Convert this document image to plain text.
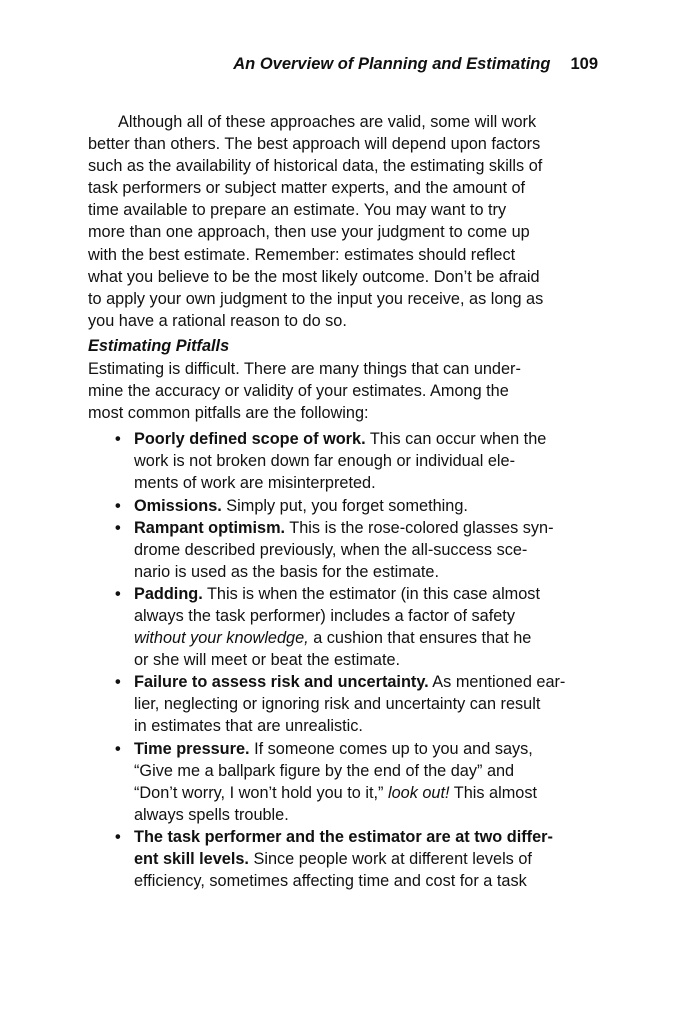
An Overview of Planning and Estimating 109
Although all of these approaches are valid, some will work
better than others. The best approach will depend upon factors
such as the availability of historical data, the estimating skills of
task performers or subject matter experts, and the amount of
time available to prepare an estimate. You may want to try
more than one approach, then use your judgment to come up
with the best estimate. Remember: estimates should reflect
what you believe to be the most likely outcome. Don’t be afraid
to apply your own judgment to the input you receive, as long as
you have a rational reason to do so.
Estimating Pitfalls
Estimating is difficult. There are many things that can under-
mine the accuracy or validity of your estimates. Among the
most common pitfalls are the following:
• Poorly defined scope of work. This can occur when the
work is not broken down far enough or individual ele-
ments of work are misinterpreted.
• Omissions. Simply put, you forget something.
• Rampant optimism. This is the rose-colored glasses syn-
drome described previously, when the all-success sce-
nario is used as the basis for the estimate.
• Padding. This is when the estimator (in this case almost
always the task performer) includes a factor of safety
without your knowledge, a cushion that ensures that he
or she will meet or beat the estimate.
• Failure to assess risk and uncertainty. As mentioned ear-
lier, neglecting or ignoring risk and uncertainty can result
in estimates that are unrealistic.
• Time pressure. If someone comes up to you and says,
“Give me a ballpark figure by the end of the day” and
“Don’t worry, I won’t hold you to it,” look out! This almost
always spells trouble.
• The task performer and the estimator are at two differ-
ent skill levels. Since people work at different levels of
efficiency, sometimes affecting time and cost for a task
